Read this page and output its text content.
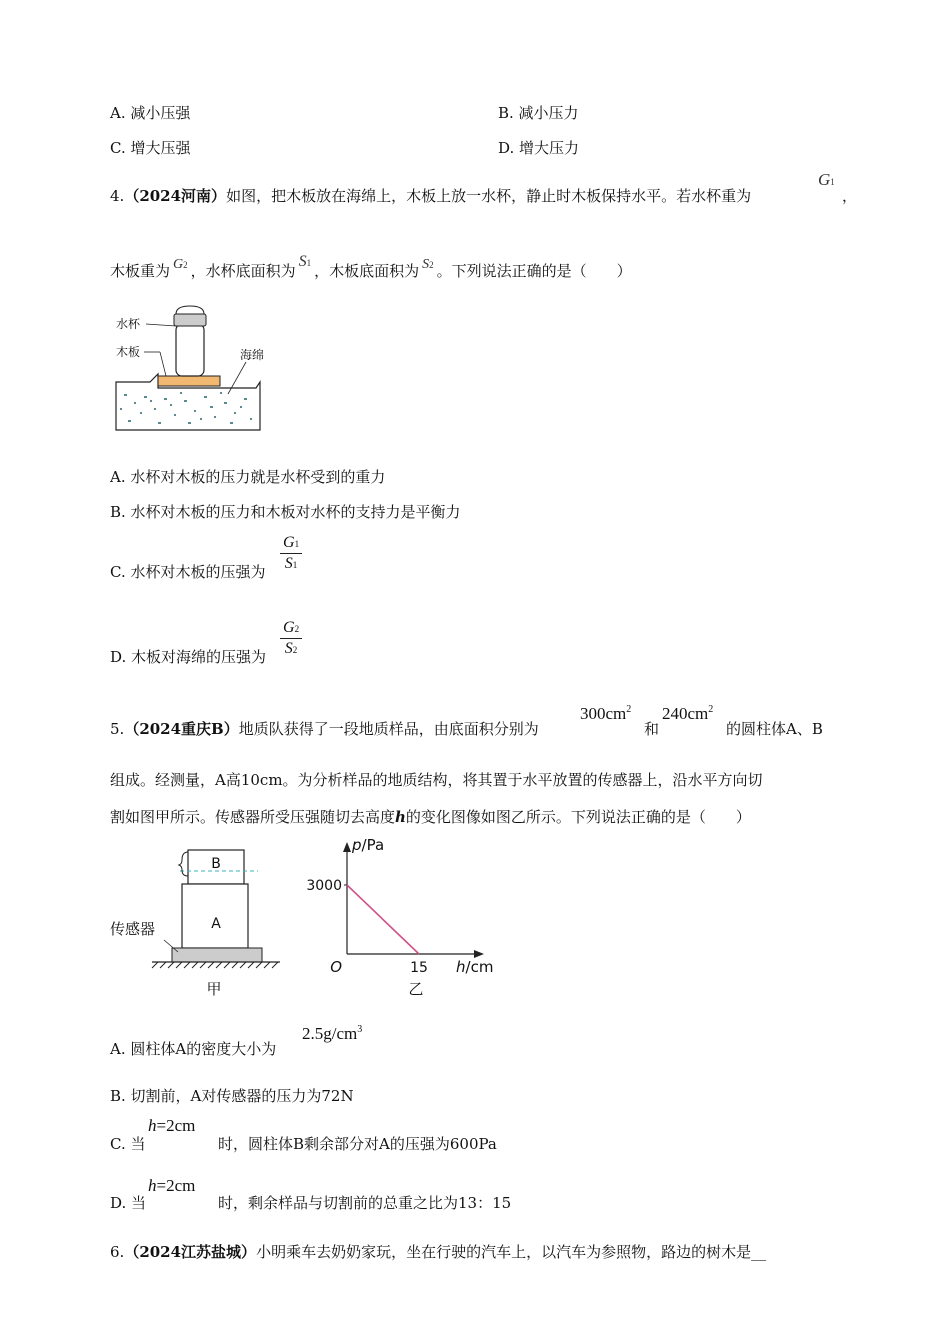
A. 减小压强	B. 减小压力
C. 增大压强	D. 增大压力
4.（2024河南）如图，把木板放在海绵上，木板上放一水杯，静止时木板保持水平。若水杯重为
G1
，
木板重为 G2 ，水杯底面积为S1 ，木板底面积为 S2 。下列说法正确的是（　　）
水杯
木板	海绵
A. 水杯对木板的压力就是水杯受到的重力
B. 水杯对木板的压力和木板对水杯的支持力是平衡力
C. 水杯对木板的压强为 $\frac{G1}{S1}$
D. 木板对海绵的压强为 $\frac{G2}{S2}$
5.（2024重庆B）地质队获得了一段地质样品，由底面积分别为
$300cm^2$
和
$240cm^2$
的圆柱体A、B
组成。经测量，A高10cm。为分析样品的地质结构，将其置于水平放置的传感器上，沿水平方向切
割如图甲所示。传感器所受压强随切去高度h的变化图像如图乙所示。下列说法正确的是（　　）
B
A
传感器
甲
p/Pa
3000
O	15 h/cm
乙
A. 圆柱体A的密度大小为
$2.5g/cm^3$
B. 切割前，A对传感器的压力为72N
C. 当
h=2cm
时，圆柱体B剩余部分对A的压强为600Pa
D. 当
h=2cm
时，剩余样品与切割前的总重之比为13：15
6.（2024江苏盐城）小明乘车去奶奶家玩，坐在行驶的汽车上，以汽车为参照物，路边的树木是__
